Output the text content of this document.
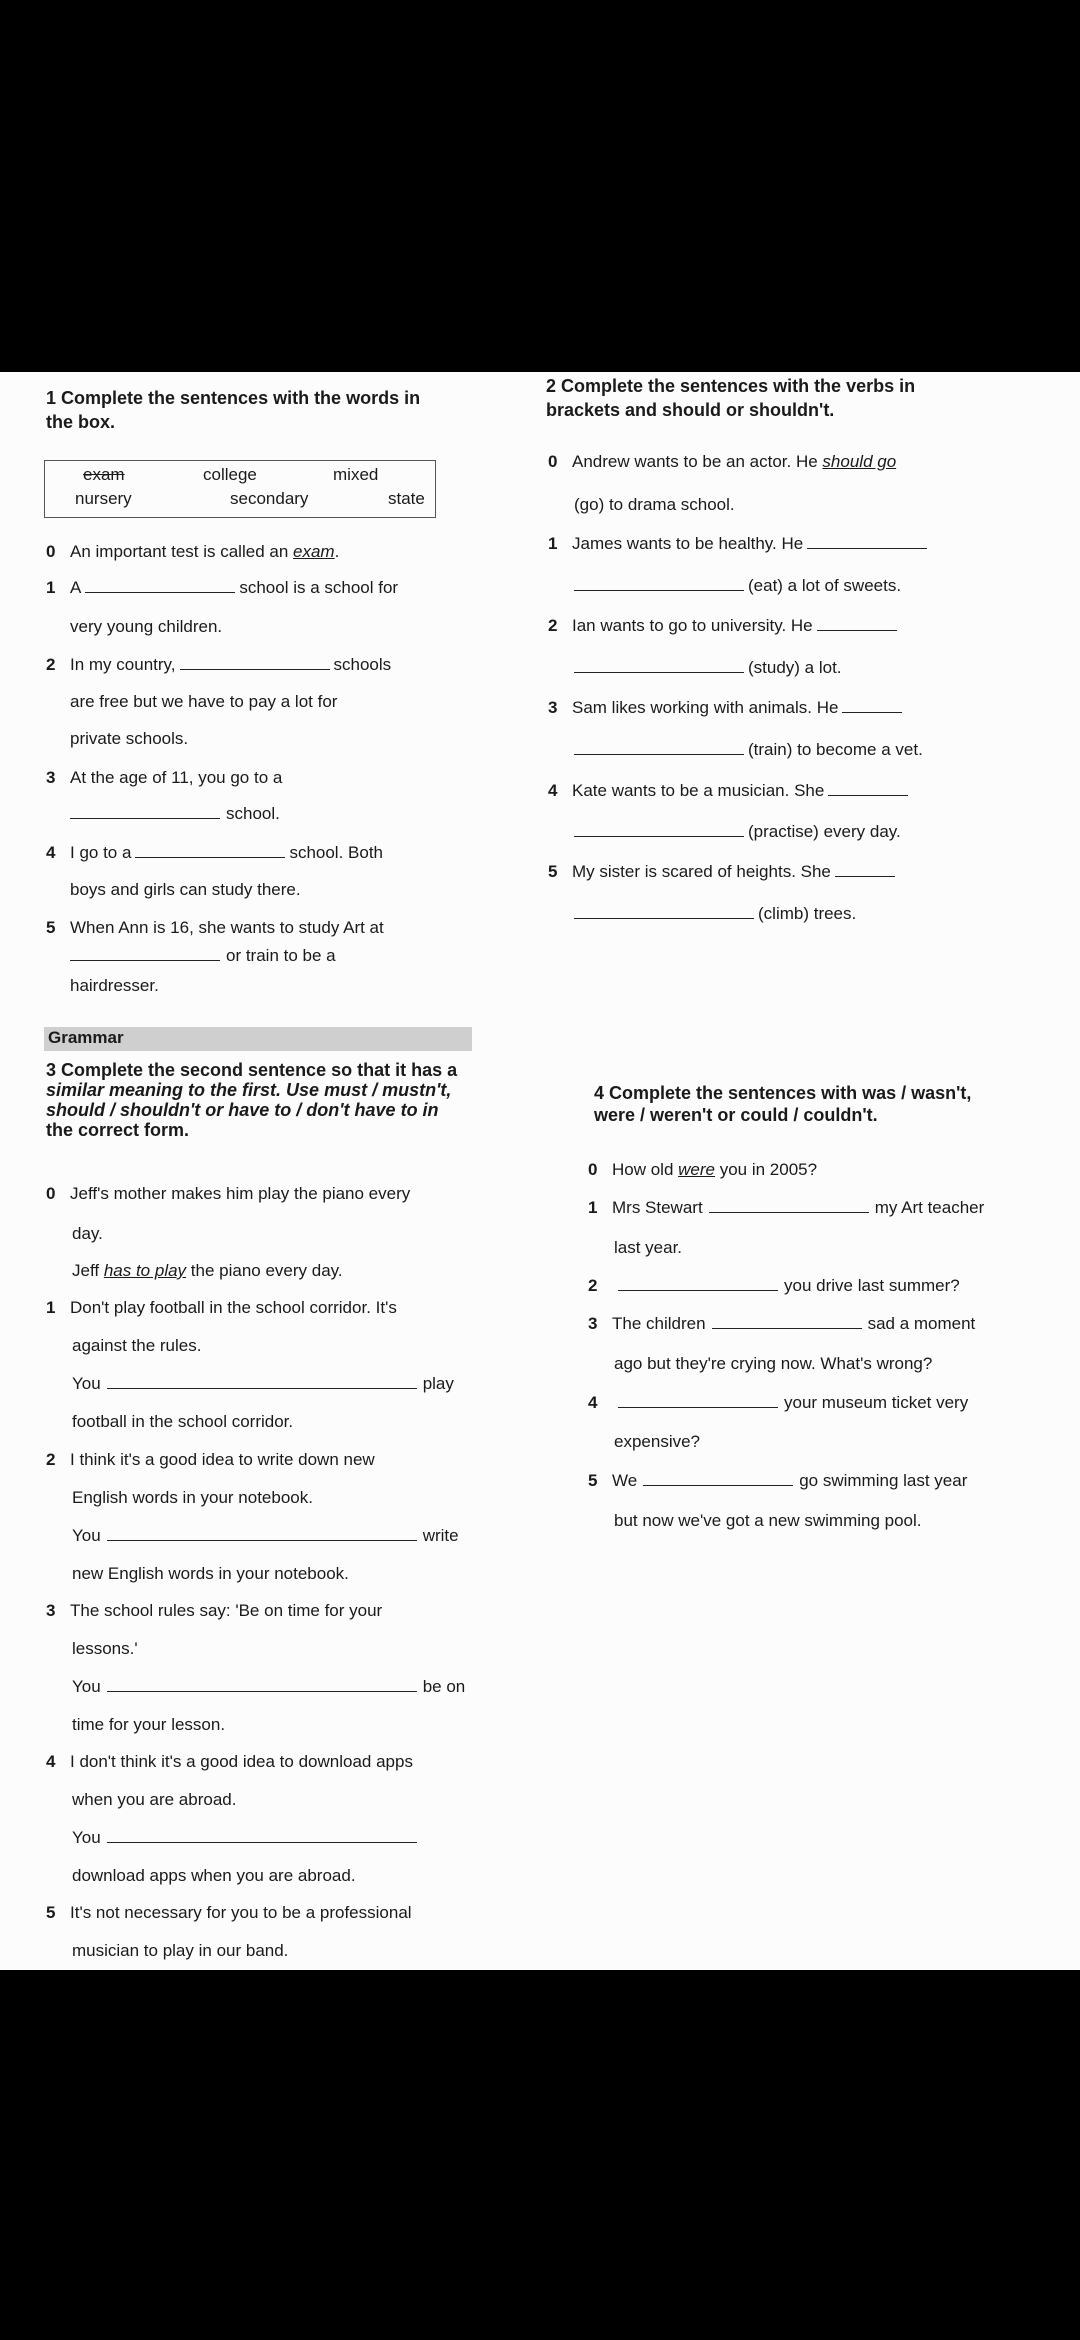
1 Complete the sentences with the words in
the box.
exam	college	mixed
nursery	secondary	state
0 An important test is called an exam.
1 A	school is a school for
very young children.
2 In my country,	schools
are free but we have to pay a lot for
private schools.
3 At the age of 11, you go to a
school.
4 I go to a	school. Both
boys and girls can study there.
5 When Ann is 16, she wants to study Art at
or train to be a
hairdresser.
2 Complete the sentences with the verbs in
brackets and should or shouldn't.
0 Andrew wants to be an actor. He should go
(go) to drama school.
1 James wants to be healthy. He
(eat) a lot of sweets.
2 Ian wants to go to university. He
(study) a lot.
3 Sam likes working with animals. He
(train) to become a vet.
4 Kate wants to be a musician. She
(practise) every day.
5 My sister is scared of heights. She
(climb) trees.
Grammar
3 Complete the second sentence so that it has a
similar meaning to the first. Use must / mustn't,
should / shouldn't or have to / don't have to in
the correct form.
0 Jeff's mother makes him play the piano every
day.
Jeff has to play the piano every day.
1 Don't play football in the school corridor. It's
against the rules.
You	play
football in the school corridor.
2 I think it's a good idea to write down new
English words in your notebook.
You	write
new English words in your notebook.
3 The school rules say: 'Be on time for your
lessons.'
You	be on
time for your lesson.
4 I don't think it's a good idea to download apps
when you are abroad.
You
download apps when you are abroad.
5 It's not necessary for you to be a professional
musician to play in our band.
4 Complete the sentences with was / wasn't,
were / weren't or could / couldn't.
0 How old were you in 2005?
1 Mrs Stewart	my Art teacher
last year.
2	you drive last summer?
3 The children	sad a moment
ago but they're crying now. What's wrong?
4	your museum ticket very
expensive?
5 We	go swimming last year
but now we've got a new swimming pool.
